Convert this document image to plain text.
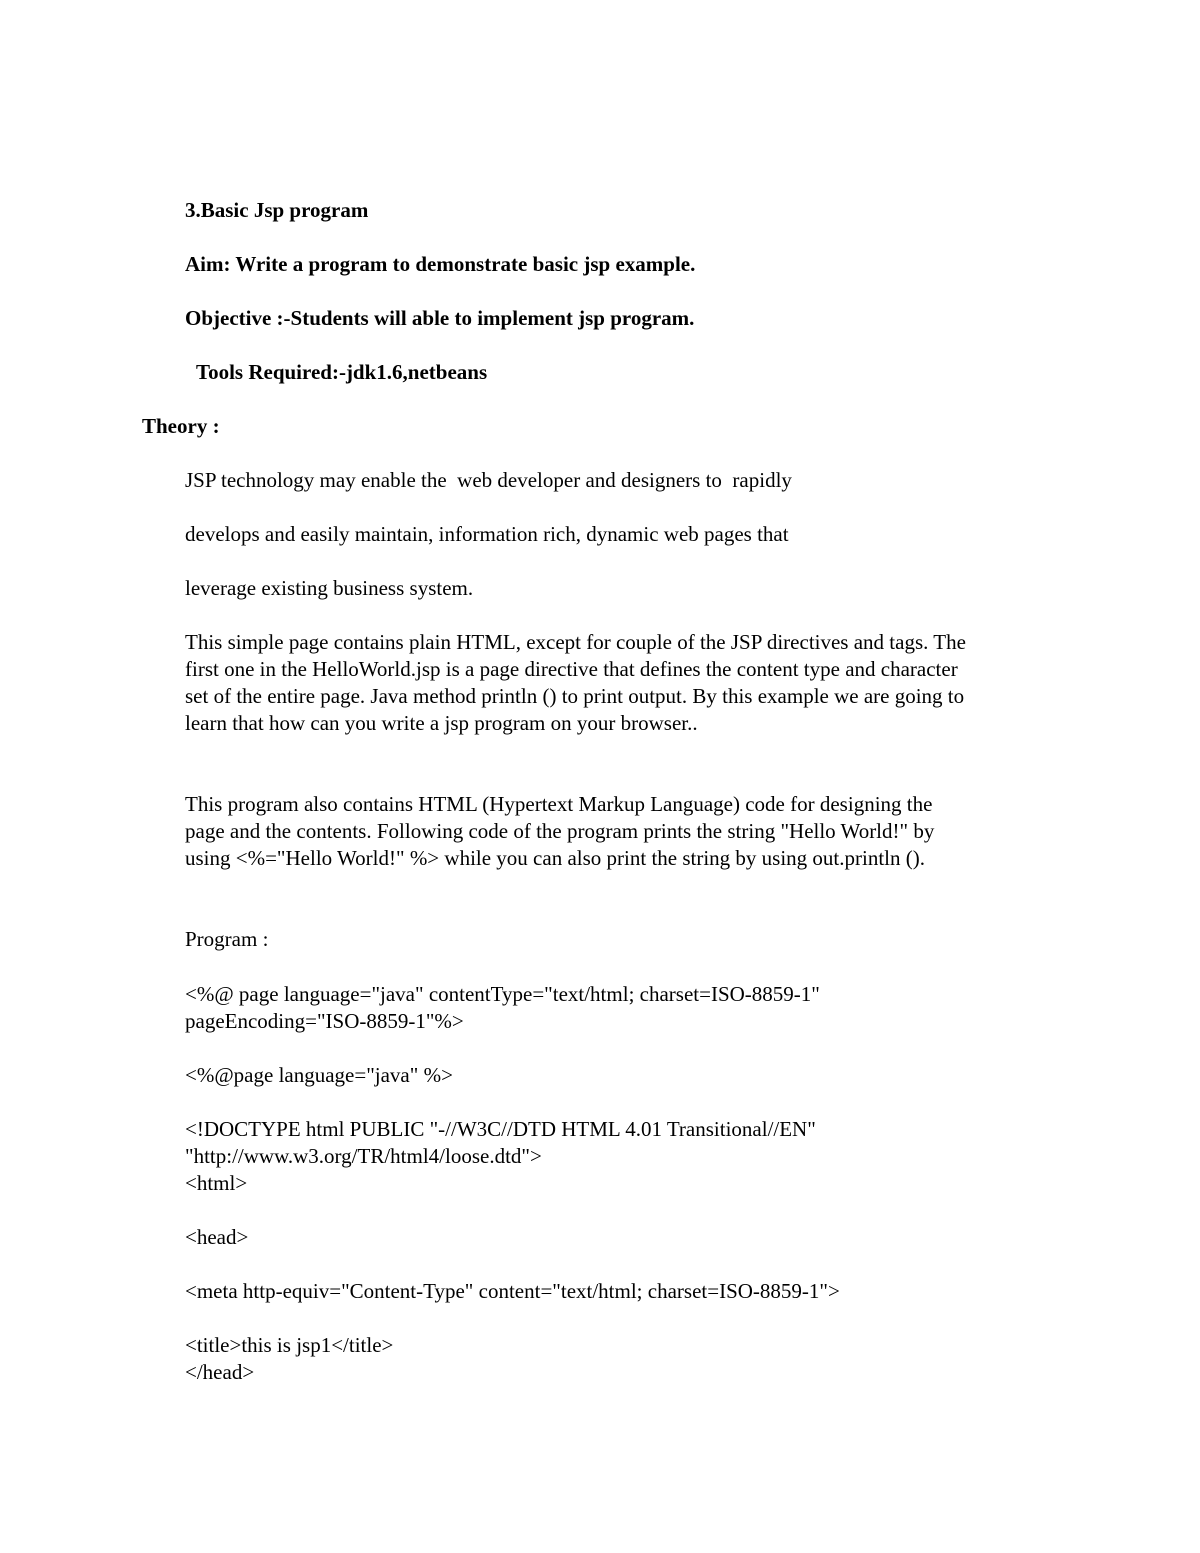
3.Basic Jsp program
Aim: Write a program to demonstrate basic jsp example.
Objective :-Students will able to implement jsp program.
Tools Required:-jdk1.6,netbeans
Theory :
JSP technology may enable the  web developer and designers to  rapidly
develops and easily maintain, information rich, dynamic web pages that
leverage existing business system.
This simple page contains plain HTML, except for couple of the JSP directives and tags. The
first one in the HelloWorld.jsp is a page directive that defines the content type and character
set of the entire page. Java method println () to print output. By this example we are going to
learn that how can you write a jsp program on your browser..
This program also contains HTML (Hypertext Markup Language) code for designing the
page and the contents. Following code of the program prints the string "Hello World!" by
using <%="Hello World!" %> while you can also print the string by using out.println ().
Program :
<%@ page language="java" contentType="text/html; charset=ISO-8859-1"
pageEncoding="ISO-8859-1"%>
<%@page language="java" %>
<!DOCTYPE html PUBLIC "-//W3C//DTD HTML 4.01 Transitional//EN"
"http://www.w3.org/TR/html4/loose.dtd">
<html>
<head>
<meta http-equiv="Content-Type" content="text/html; charset=ISO-8859-1">
<title>this is jsp1</title>
</head>
